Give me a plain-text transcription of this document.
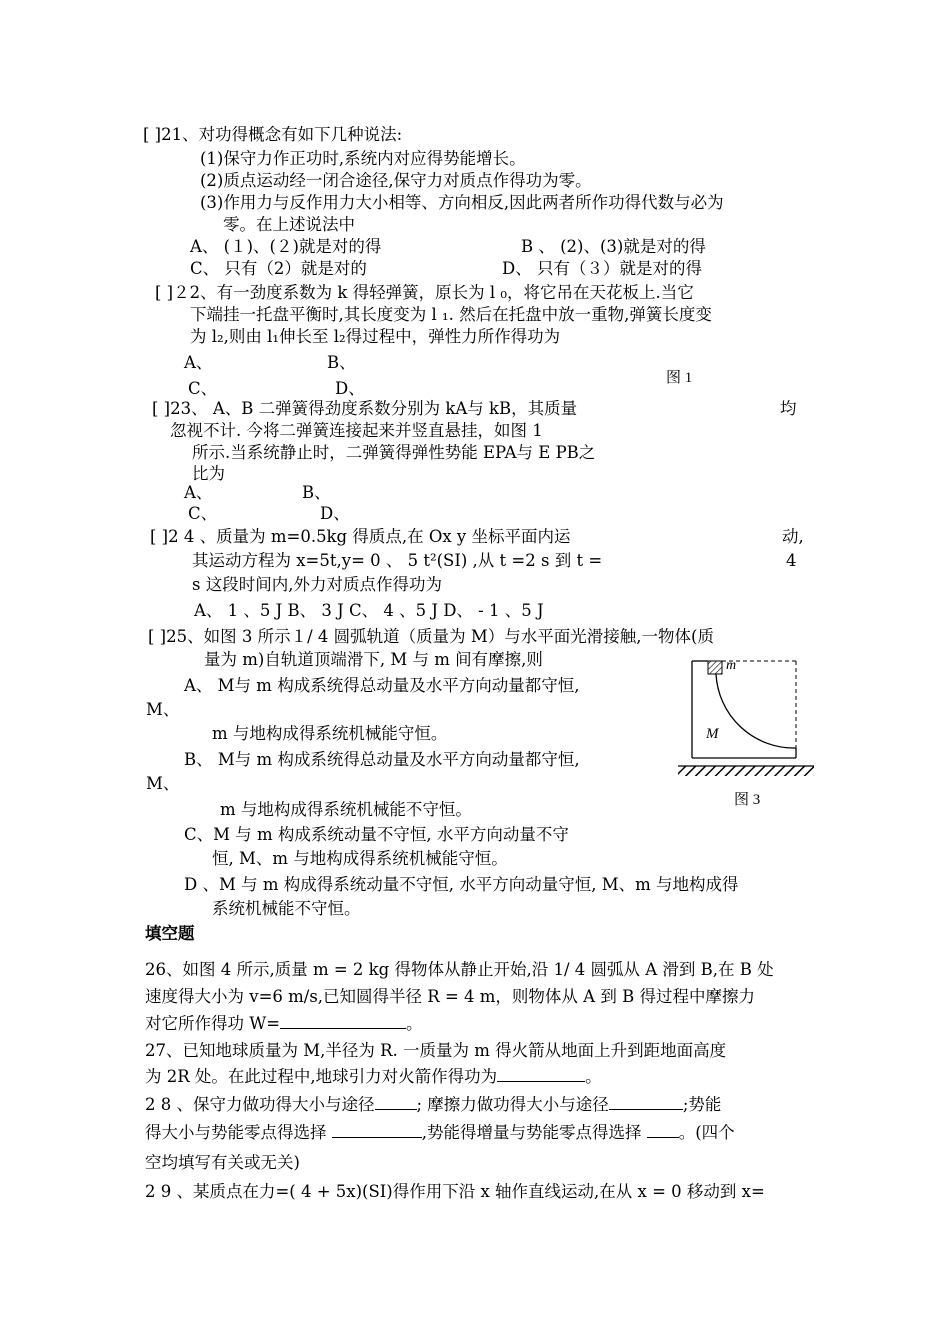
[ ]21、对功得概念有如下几种说法:
(1)保守力作正功时,系统内对应得势能增长。
(2)质点运动经一闭合途径,保守力对质点作得功为零。
(3)作用力与反作用力大小相等、方向相反,因此两者所作功得代数与必为
零。在上述说法中
A、 (１)、(２)就是对的得	B 、 (2)、(3)就是对的得
C、 只有（2）就是对的	D、 只有（３）就是对的得
[ ]２2、有一劲度系数为 k 得轻弹簧，原长为 l ₀，将它吊在天花板上.当它
下端挂一托盘平衡时,其长度变为 l ₁. 然后在托盘中放一重物,弹簧长度变
为 l₂,则由 l₁伸长至 l₂得过程中，弹性力所作得功为
A、	B、
C、	D、
图 1
[ ]23、 A、B 二弹簧得劲度系数分别为 kA与 kB，其质量	均
忽视不计. 今将二弹簧连接起来并竖直悬挂，如图 1
所示.当系统静止时，二弹簧得弹性势能 EPA与 E PB之
比为
A、	B、
C、	D、
[ ]2 4 、质量为 m=0.5kg 得质点,在 Ox y 坐标平面内运	动,
其运动方程为 x=5t,y= 0 、 5 t²(SI) ,从 t =2 s 到 t =	4
s 这段时间内,外力对质点作得功为
A、 1 、5 J B、 3 J C、 4 、5 J D、 - 1 、5 J
[ ]25、如图 3 所示１/ 4 圆弧轨道（质量为 M）与水平面光滑接触,一物体(质
量为 m)自轨道顶端滑下, M 与 m 间有摩擦,则
A、 M与 m 构成系统得总动量及水平方向动量都守恒,
M、
m 与地构成得系统机械能守恒。
B、 M与 m 构成系统得总动量及水平方向动量都守恒,
M、
m 与地构成得系统机械能不守恒。
C、M 与 m 构成系统动量不守恒, 水平方向动量不守
恒, M、m 与地构成得系统机械能守恒。
D 、M 与 m 构成得系统动量不守恒, 水平方向动量守恒, M、m 与地构成得
系统机械能不守恒。
m
M
图 3
填空题
26、如图 4 所示,质量 m = 2 kg 得物体从静止开始,沿 1/ 4 圆弧从 A 滑到 B,在 B 处
速度得大小为 v=6 m/s,已知圆得半径 R = 4 m，则物体从 A 到 B 得过程中摩擦力
对它所作得功 W=	。
27、已知地球质量为 M,半径为 R. 一质量为 m 得火箭从地面上升到距地面高度
为 2R 处。在此过程中,地球引力对火箭作得功为	。
2 8 、保守力做功得大小与途径	; 摩擦力做功得大小与途径	;势能
得大小与势能零点得选择	,势能得增量与势能零点得选择 。(四个
空均填写有关或无关)
2 9 、某质点在力=( 4 + 5x)(SI)得作用下沿 x 轴作直线运动,在从 x = 0 移动到 x=
